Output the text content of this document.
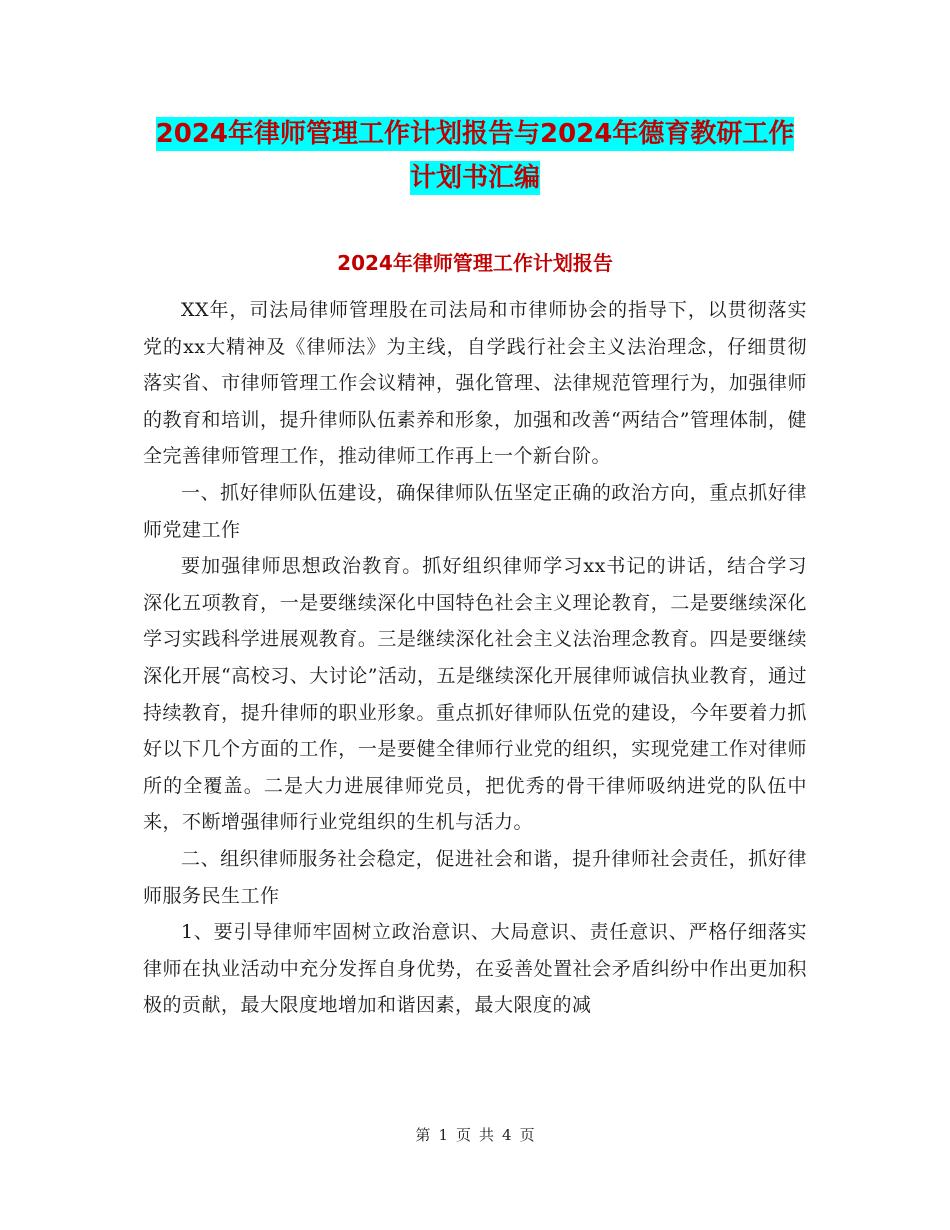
2024年律师管理工作计划报告与2024年德育教研工作
计划书汇编
2024年律师管理工作计划报告

XX年，司法局律师管理股在司法局和市律师协会的指导下，以贯彻落实党的xx大精神及《律师法》为主线，自学践行社会主义法治理念，仔细贯彻落实省、市律师管理工作会议精神，强化管理、法律规范管理行为，加强律师的教育和培训，提升律师队伍素养和形象，加强和改善“两结合”管理体制，健全完善律师管理工作，推动律师工作再上一个新台阶。

一、抓好律师队伍建设，确保律师队伍坚定正确的政治方向，重点抓好律师党建工作

要加强律师思想政治教育。抓好组织律师学习xx书记的讲话，结合学习深化五项教育，一是要继续深化中国特色社会主义理论教育，二是要继续深化学习实践科学进展观教育。三是继续深化社会主义法治理念教育。四是要继续深化开展“高校习、大讨论”活动，五是继续深化开展律师诚信执业教育，通过持续教育，提升律师的职业形象。重点抓好律师队伍党的建设，今年要着力抓好以下几个方面的工作，一是要健全律师行业党的组织，实现党建工作对律师所的全覆盖。二是大力进展律师党员，把优秀的骨干律师吸纳进党的队伍中来，不断增强律师行业党组织的生机与活力。

二、组织律师服务社会稳定，促进社会和谐，提升律师社会责任，抓好律师服务民生工作

1、要引导律师牢固树立政治意识、大局意识、责任意识、严格仔细落实律师在执业活动中充分发挥自身优势，在妥善处置社会矛盾纠纷中作出更加积极的贡献，最大限度地增加和谐因素，最大限度的减

第 1 页 共 4 页
